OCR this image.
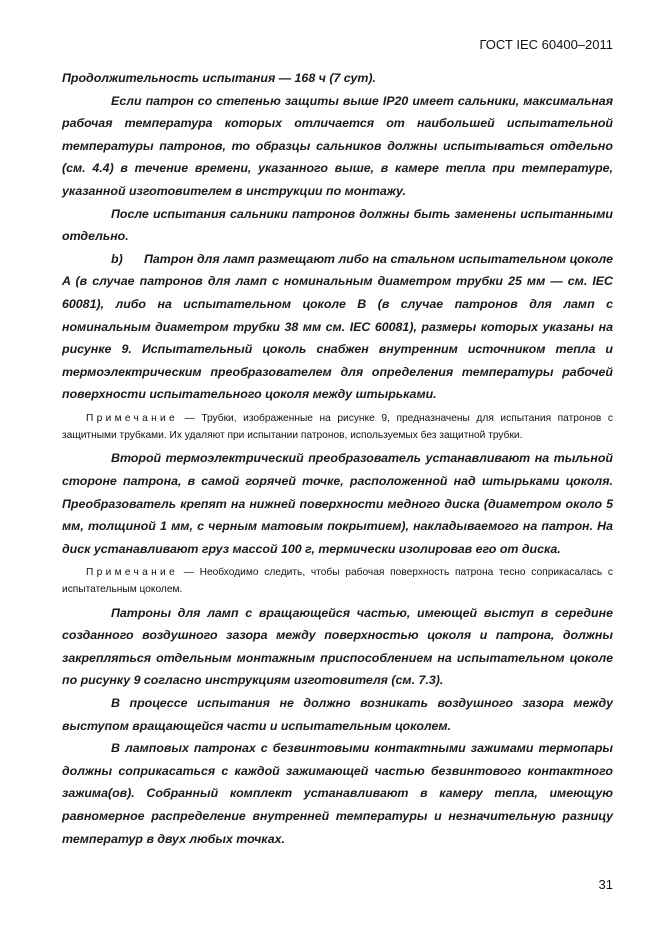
ГОСТ IEC 60400–2011

Продолжительность испытания — 168 ч (7 сут).

Если патрон со степенью защиты выше IP20 имеет сальники, максимальная рабочая температура которых отличается от наибольшей испытательной температуры патронов, то образцы сальников должны испытываться отдельно (см. 4.4) в течение времени, указанного выше, в камере тепла при температуре, указанной изготовителем в инструкции по монтажу.

После испытания сальники патронов должны быть заменены испытанными отдельно.

b) Патрон для ламп размещают либо на стальном испытательном цоколе A (в случае патронов для ламп с номинальным диаметром трубки 25 мм — см. IEC 60081), либо на испытательном цоколе B (в случае патронов для ламп с номинальным диаметром трубки 38 мм см. IEC 60081), размеры которых указаны на рисунке 9. Испытательный цоколь снабжен внутренним источником тепла и термоэлектрическим преобразователем для определения температуры рабочей поверхности испытательного цоколя между штырьками.

Примечание — Трубки, изображенные на рисунке 9, предназначены для испытания патронов с защитными трубками. Их удаляют при испытании патронов, используемых без защитной трубки.

Второй термоэлектрический преобразователь устанавливают на тыльной стороне патрона, в самой горячей точке, расположенной над штырьками цоколя. Преобразователь крепят на нижней поверхности медного диска (диаметром около 5 мм, толщиной 1 мм, с черным матовым покрытием), накладываемого на патрон. На диск устанавливают груз массой 100 г, термически изолировав его от диска.

Примечание — Необходимо следить, чтобы рабочая поверхность патрона тесно соприкасалась с испытательным цоколем.

Патроны для ламп с вращающейся частью, имеющей выступ в середине созданного воздушного зазора между поверхностью цоколя и патрона, должны закрепляться отдельным монтажным приспособлением на испытательном цоколе по рисунку 9 согласно инструкциям изготовителя (см. 7.3).

В процессе испытания не должно возникать воздушного зазора между выступом вращающейся части и испытательным цоколем.

В ламповых патронах с безвинтовыми контактными зажимами термопары должны соприкасаться с каждой зажимающей частью безвинтового контактного зажима(ов). Собранный комплект устанавливают в камеру тепла, имеющую равномерное распределение внутренней температуры и незначительную разницу температур в двух любых точках.

31
